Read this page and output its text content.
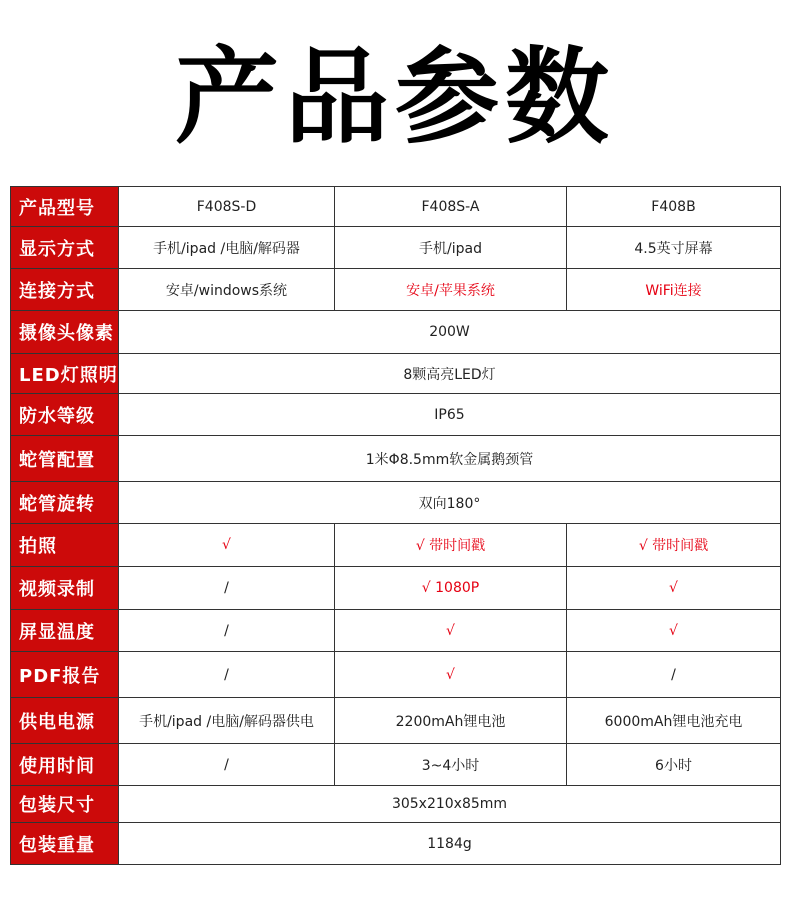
产品参数
产品型号	F408S-D	F408S-A	F408B
显示方式	手机/ipad /电脑/解码器	手机/ipad	4.5英寸屏幕
连接方式	安卓/windows系统	安卓/苹果系统	WiFi连接
摄像头像素	200W		
LED灯照明	8颗高亮LED灯		
防水等级	IP65		
蛇管配置	1米Φ8.5mm软金属鹅颈管		
蛇管旋转	双向180°		
拍照	√	√ 带时间戳	√ 带时间戳
视频录制	/	√ 1080P	√
屏显温度	/	√	√
PDF报告	/	√	/
供电电源	手机/ipad /电脑/解码器供电	2200mAh锂电池	6000mAh锂电池充电
使用时间	/	3~4小时	6小时
包装尺寸	305x210x85mm		
包装重量	1184g		
